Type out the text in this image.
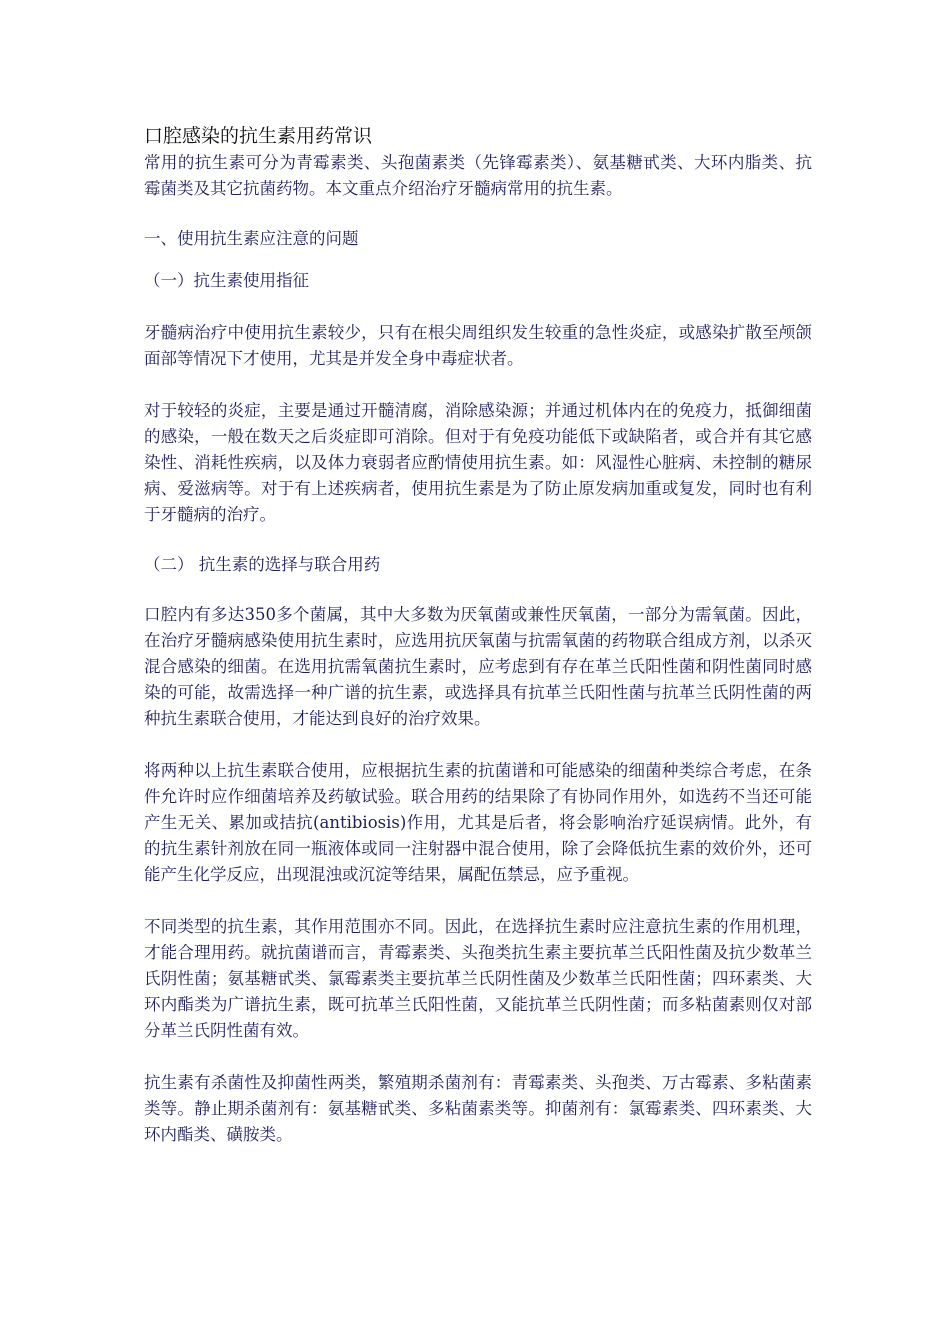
口腔感染的抗生素用药常识

常用的抗生素可分为青霉素类、头孢菌素类（先锋霉素类）、氨基糖甙类、大环内脂类、抗霉菌类及其它抗菌药物。本文重点介绍治疗牙髓病常用的抗生素。

一、使用抗生素应注意的问题

（一）抗生素使用指征

牙髓病治疗中使用抗生素较少，只有在根尖周组织发生较重的急性炎症，或感染扩散至颅颌面部等情况下才使用，尤其是并发全身中毒症状者。

对于较轻的炎症，主要是通过开髓清腐，消除感染源；并通过机体内在的免疫力，抵御细菌的感染，一般在数天之后炎症即可消除。但对于有免疫功能低下或缺陷者，或合并有其它感染性、消耗性疾病，以及体力衰弱者应酌情使用抗生素。如：风湿性心脏病、未控制的糖尿病、爱滋病等。对于有上述疾病者，使用抗生素是为了防止原发病加重或复发，同时也有利于牙髓病的治疗。

（二） 抗生素的选择与联合用药

口腔内有多达350多个菌属，其中大多数为厌氧菌或兼性厌氧菌，一部分为需氧菌。因此，在治疗牙髓病感染使用抗生素时，应选用抗厌氧菌与抗需氧菌的药物联合组成方剂，以杀灭混合感染的细菌。在选用抗需氧菌抗生素时，应考虑到有存在革兰氏阳性菌和阴性菌同时感染的可能，故需选择一种广谱的抗生素，或选择具有抗革兰氏阳性菌与抗革兰氏阴性菌的两种抗生素联合使用，才能达到良好的治疗效果。

将两种以上抗生素联合使用，应根据抗生素的抗菌谱和可能感染的细菌种类综合考虑，在条件允许时应作细菌培养及药敏试验。联合用药的结果除了有协同作用外，如选药不当还可能产生无关、累加或拮抗(antibiosis)作用，尤其是后者，将会影响治疗延误病情。此外，有的抗生素针剂放在同一瓶液体或同一注射器中混合使用，除了会降低抗生素的效价外，还可能产生化学反应，出现混浊或沉淀等结果，属配伍禁忌，应予重视。

不同类型的抗生素，其作用范围亦不同。因此，在选择抗生素时应注意抗生素的作用机理，才能合理用药。就抗菌谱而言，青霉素类、头孢类抗生素主要抗革兰氏阳性菌及抗少数革兰氏阴性菌；氨基糖甙类、氯霉素类主要抗革兰氏阴性菌及少数革兰氏阳性菌；四环素类、大环内酯类为广谱抗生素，既可抗革兰氏阳性菌，又能抗革兰氏阴性菌；而多粘菌素则仅对部分革兰氏阴性菌有效。

抗生素有杀菌性及抑菌性两类，繁殖期杀菌剂有：青霉素类、头孢类、万古霉素、多粘菌素类等。静止期杀菌剂有：氨基糖甙类、多粘菌素类等。抑菌剂有：氯霉素类、四环素类、大环内酯类、磺胺类。
